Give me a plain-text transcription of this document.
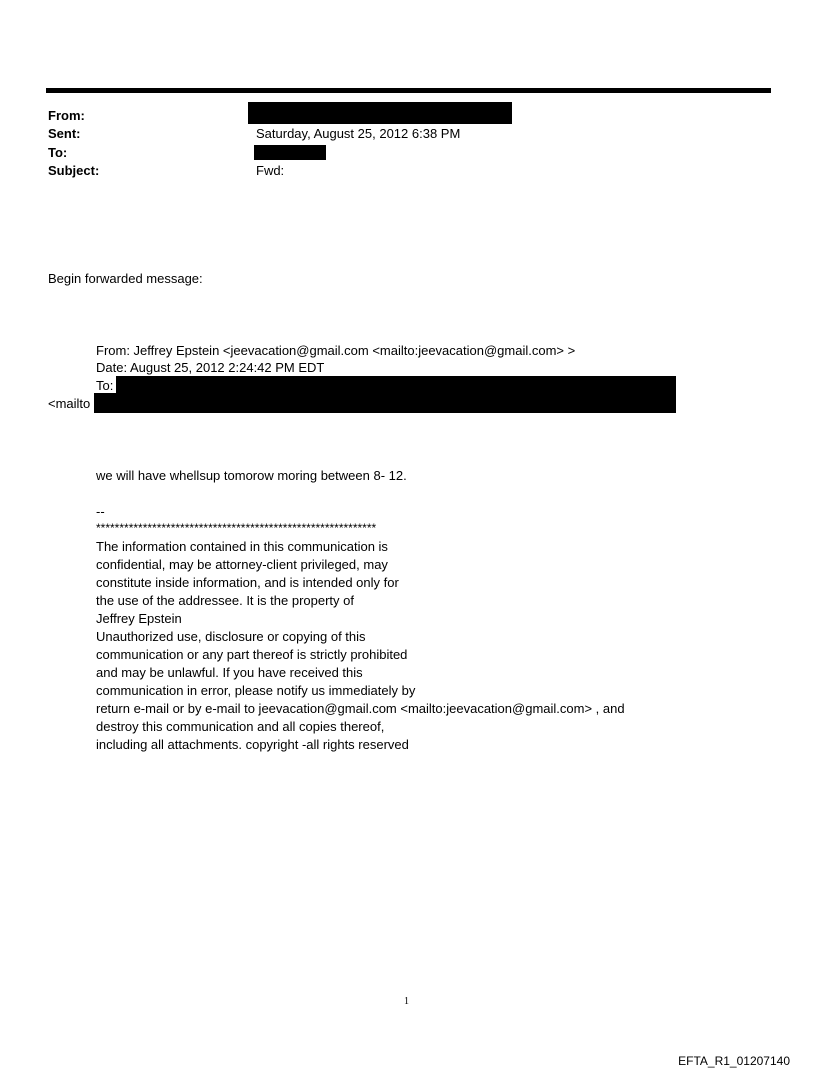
From:
Sent:
To:
Subject:
Saturday, August 25, 2012 6:38 PM
Fwd:
Begin forwarded message:
From: Jeffrey Epstein <jeevacation@gmail.com <mailto:jeevacation@gmail.com> >
Date: August 25, 2012 2:24:42 PM EDT
To:
<mailto
we will have whellsup tomorow moring between 8- 12.
--
************************************************************
The information contained in this communication is
confidential, may be attorney-client privileged, may
constitute inside information, and is intended only for
the use of the addressee. It is the property of
Jeffrey Epstein
Unauthorized use, disclosure or copying of this
communication or any part thereof is strictly prohibited
and may be unlawful. If you have received this
communication in error, please notify us immediately by
return e-mail or by e-mail to jeevacation@gmail.com <mailto:jeevacation@gmail.com> , and
destroy this communication and all copies thereof,
including all attachments. copyright -all rights reserved
1
EFTA_R1_01207140
